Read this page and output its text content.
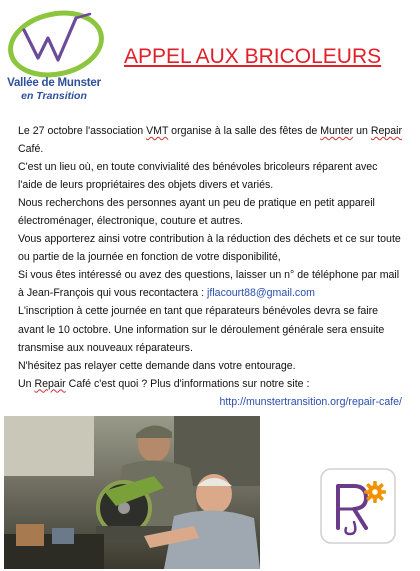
Vallée de Munster
en Transition
APPEL AUX BRICOLEURS

Le 27 octobre l'association VMT organise à la salle des fêtes de Munter un Repair Café.

C'est un lieu où, en toute convivialité des bénévoles bricoleurs réparent avec l'aide de leurs propriétaires des objets divers et variés.

Nous recherchons des personnes ayant un peu de pratique en petit appareil électroménager, électronique, couture et autres.

Vous apporterez ainsi votre contribution à la réduction des déchets et ce sur toute ou partie de la journée en fonction de votre disponibilité,

Si vous êtes intéressé ou avez des questions, laisser un n° de téléphone par mail à Jean-François qui vous recontactera : jflacourt88@gmail.com

L'inscription à cette journée en tant que réparateurs bénévoles devra se faire avant le 10 octobre. Une information sur le déroulement générale sera ensuite transmise aux nouveaux réparateurs.

N'hésitez pas relayer cette demande dans votre entourage.

Un Repair Café c'est quoi ? Plus d'informations sur notre site :

http://munstertransition.org/repair-cafe/
